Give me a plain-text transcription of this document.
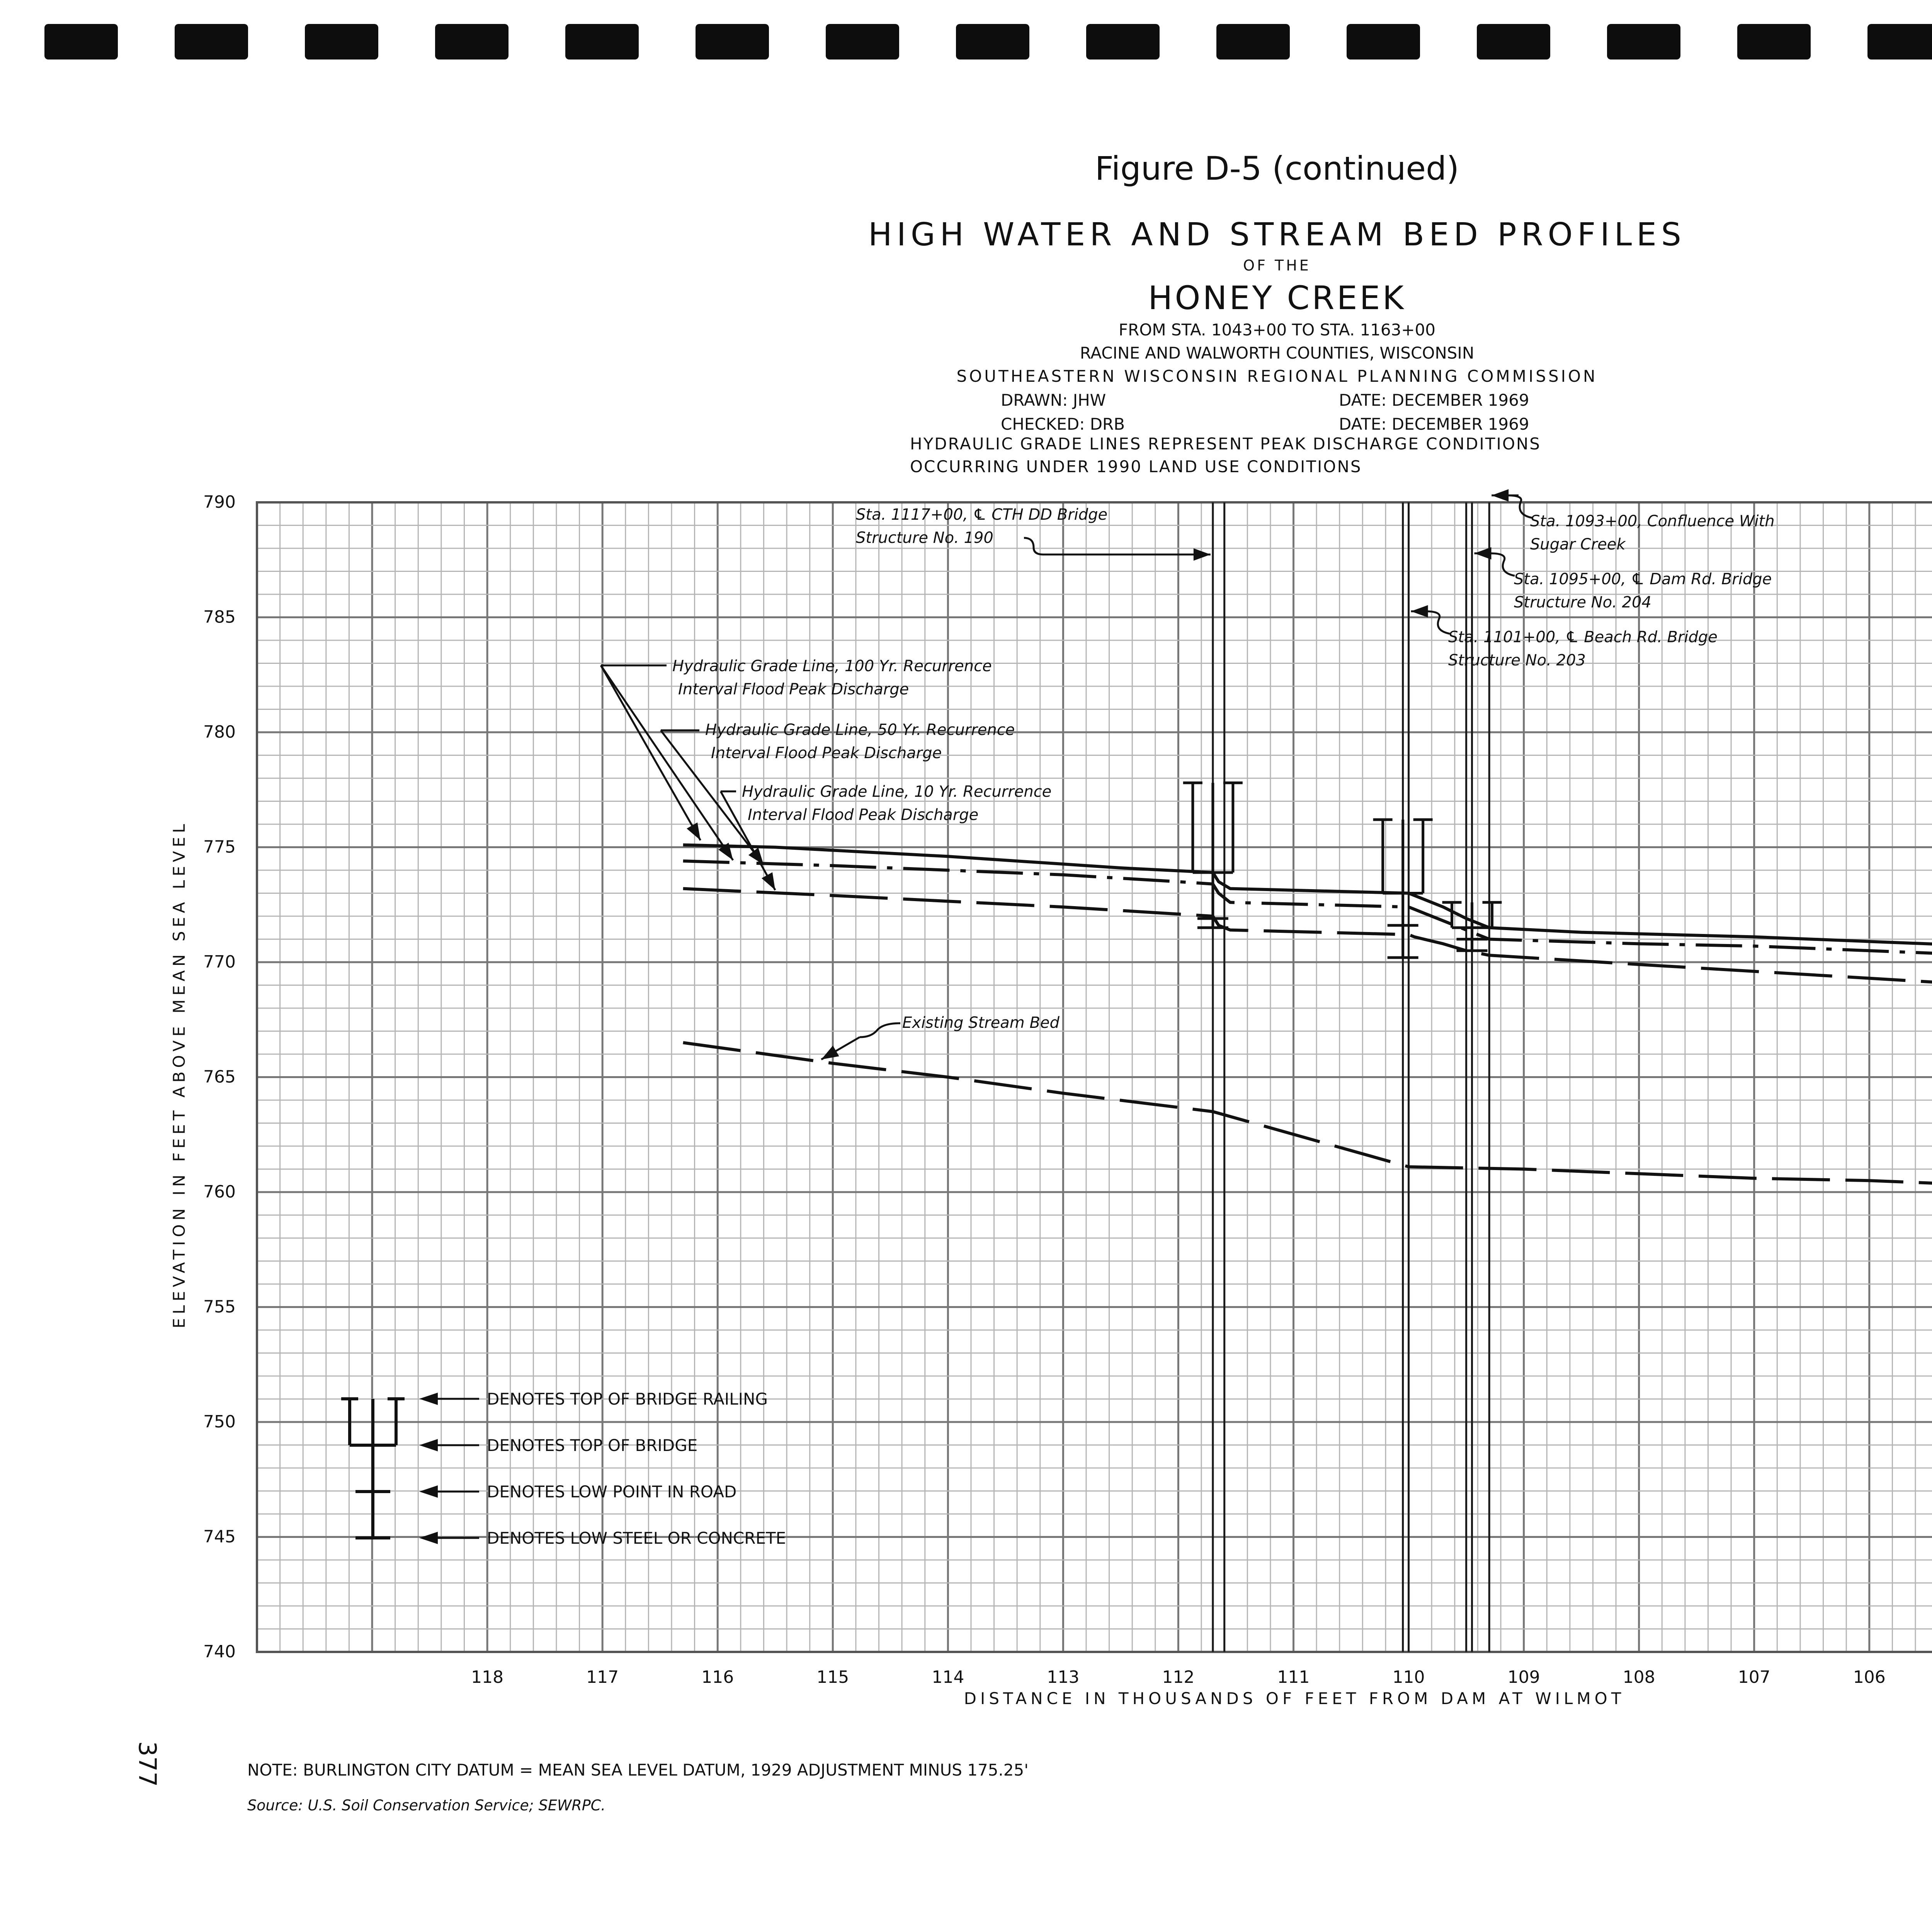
Figure D-5 (continued)
HIGH WATER AND STREAM BED PROFILES
OF THE
HONEY CREEK
FROM STA. 1043+00 TO STA. 1163+00
RACINE AND WALWORTH COUNTIES, WISCONSIN
SOUTHEASTERN WISCONSIN REGIONAL PLANNING COMMISSION
DRAWN: JHW	DATE: DECEMBER 1969
CHECKED: DRB	DATE: DECEMBER 1969
HYDRAULIC GRADE LINES REPRESENT PEAK DISCHARGE CONDITIONS
OCCURRING UNDER 1990 LAND USE CONDITIONS
740
745
750
755
760
765
770
775
780
785
790
118	117	116	115	114	113	112	111	110	109	108	107	106
DISTANCE IN THOUSANDS OF FEET FROM DAM AT WILMOT
ELEVATION IN FEET ABOVE MEAN SEA LEVEL
Sta. 1117+00, ℄ CTH DD Bridge
Structure No. 190
Sta. 1093+00, Confluence With
Sugar Creek
Sta. 1095+00, ℄ Dam Rd. Bridge
Structure No. 204
Sta. 1101+00, ℄ Beach Rd. Bridge
Structure No. 203
Hydraulic Grade Line, 100 Yr. Recurrence
Interval Flood Peak Discharge
Hydraulic Grade Line, 50 Yr. Recurrence
Interval Flood Peak Discharge
Hydraulic Grade Line, 10 Yr. Recurrence
Interval Flood Peak Discharge
Existing Stream Bed
DENOTES TOP OF BRIDGE RAILING
DENOTES TOP OF BRIDGE
DENOTES LOW POINT IN ROAD
DENOTES LOW STEEL OR CONCRETE
377	NOTE: BURLINGTON CITY DATUM = MEAN SEA LEVEL DATUM, 1929 ADJUSTMENT MINUS 175.25'
Source: U.S. Soil Conservation Service; SEWRPC.
